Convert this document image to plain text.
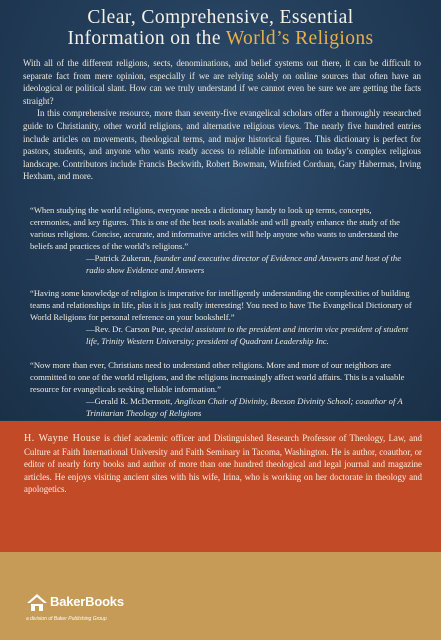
Clear, Comprehensive, Essential
Information on the World’s Religions

With all of the different religions, sects, denominations, and belief systems out there, it can be difficult to separate fact from mere opinion, especially if we are relying solely on online sources that often have an ideological or political slant. How can we truly understand if we cannot even be sure we are getting the facts straight?

In this comprehensive resource, more than seventy-five evangelical scholars offer a thoroughly researched guide to Christianity, other world religions, and alternative religious views. The nearly five hundred entries include articles on movements, theological terms, and major historical figures. This dictionary is perfect for pastors, students, and anyone who wants ready access to reliable information on today’s complex religious landscape. Contributors include Francis Beckwith, Robert Bowman, Winfried Corduan, Gary Habermas, Irving Hexham, and more.

“When studying the world religions, everyone needs a dictionary handy to look up terms, concepts, ceremonies, and key figures. This is one of the best tools available and will greatly enhance the study of the various religions. Concise, accurate, and informative articles will help anyone who wants to understand the beliefs and practices of the world’s religions.”

—Patrick Zukeran, founder and executive director of Evidence and Answers and host of the radio show Evidence and Answers

“Having some knowledge of religion is imperative for intelligently understanding the complexities of building teams and relationships in life, plus it is just really interesting! You need to have The Evangelical Dictionary of World Religions for personal reference on your bookshelf.”

—Rev. Dr. Carson Pue, special assistant to the president and interim vice president of student life, Trinity Western University; president of Quadrant Leadership Inc.

“Now more than ever, Christians need to understand other religions. More and more of our neighbors are committed to one of the world religions, and the religions increasingly affect world affairs. This is a valuable resource for evangelicals seeking reliable information.”

—Gerald R. McDermott, Anglican Chair of Divinity, Beeson Divinity School; coauthor of A Trinitarian Theology of Religions

H. Wayne House is chief academic officer and Distinguished Research Professor of Theology, Law, and Culture at Faith International University and Faith Seminary in Tacoma, Washington. He is author, coauthor, or editor of nearly forty books and author of more than one hundred theological and legal journal and magazine articles. He enjoys visiting ancient sites with his wife, Irina, who is working on her doctorate in theology and apologetics.

BakerBooks
a division of Baker Publishing Group
